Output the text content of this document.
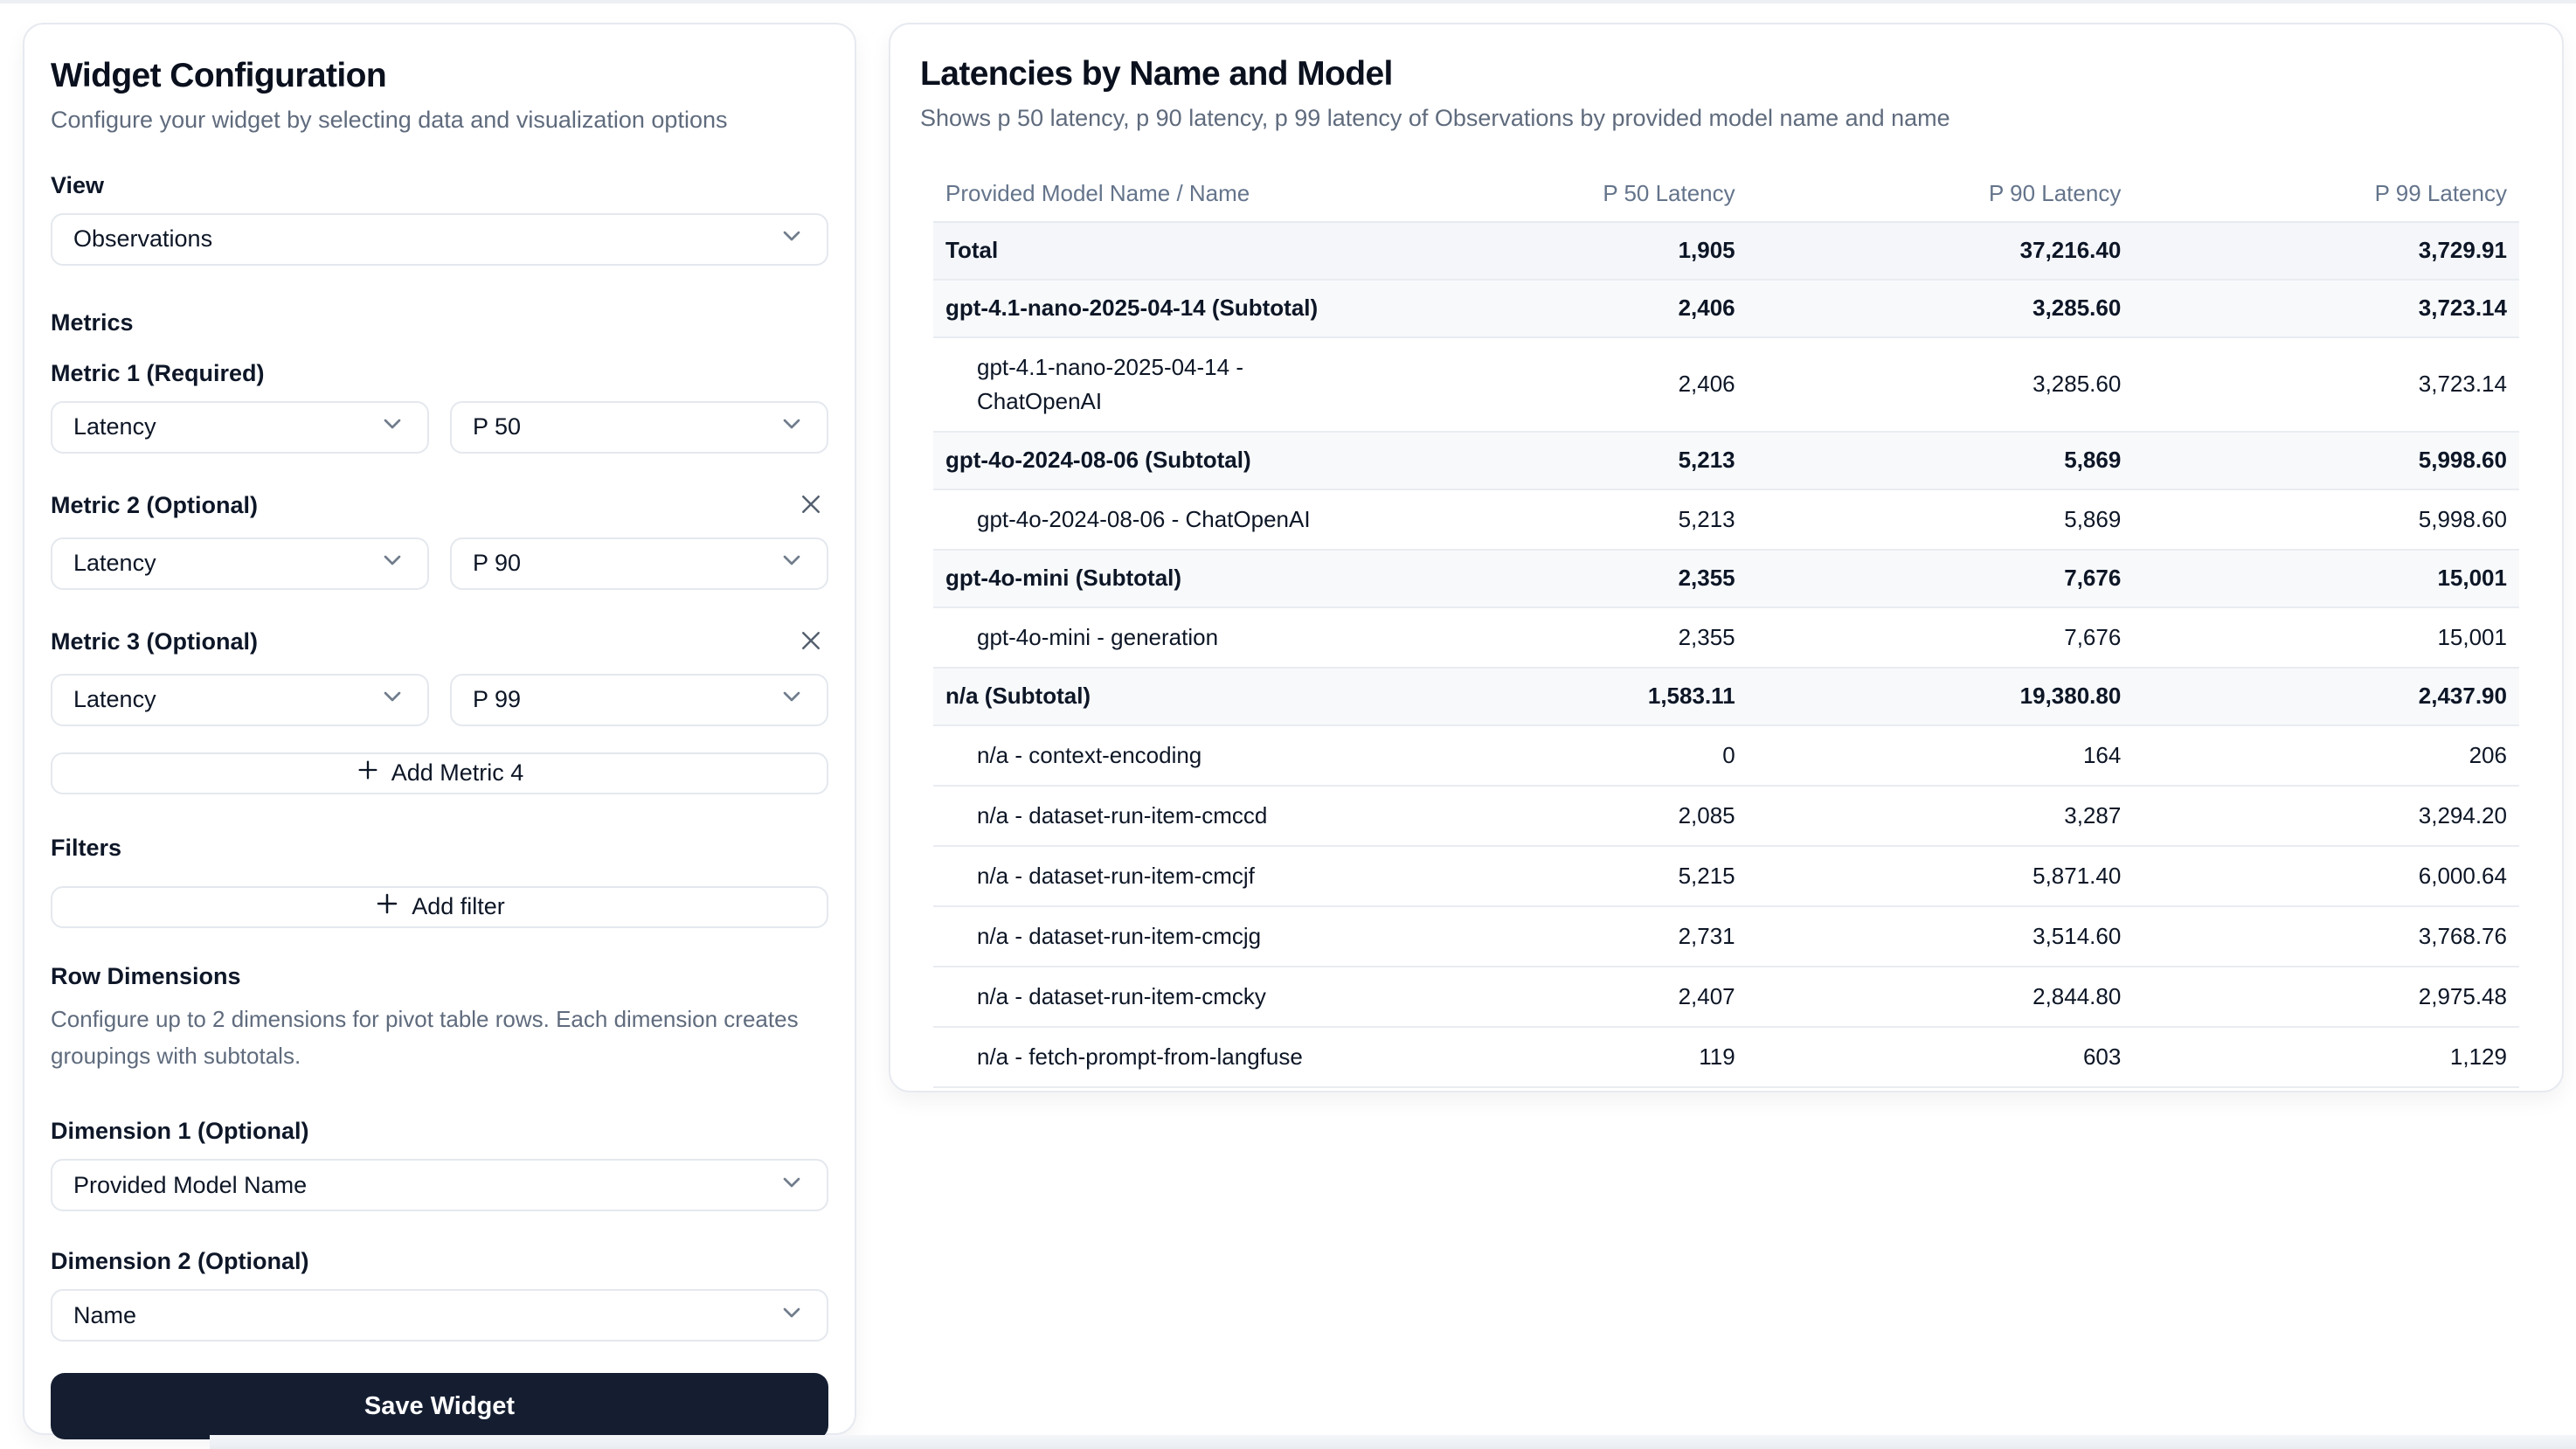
Widget Configuration

Configure your widget by selecting data and visualization options

View
Observations
Metrics
Metric 1 (Required)
Latency	P 50
Metric 2 (Optional)
Latency	P 90
Metric 3 (Optional)
Latency	P 99
Add Metric 4
Filters
Add filter
Row Dimensions

Configure up to 2 dimensions for pivot table rows. Each dimension creates groupings with subtotals.

Dimension 1 (Optional)
Provided Model Name
Dimension 2 (Optional)
Name
Save Widget
Latencies by Name and Model

Shows p 50 latency, p 90 latency, p 99 latency of Observations by provided model name and name

Provided Model Name / Name	P 50 Latency	P 90 Latency	P 99 Latency
Total	1,905	37,216.40	3,729.91
gpt-4.1-nano-2025-04-14 (Subtotal)	2,406	3,285.60	3,723.14
gpt-4.1-nano-2025-04-14 - ChatOpenAI
2,406	3,285.60	3,723.14
gpt-4o-2024-08-06 (Subtotal)	5,213	5,869	5,998.60
gpt-4o-2024-08-06 - ChatOpenAI	5,213	5,869	5,998.60
gpt-4o-mini (Subtotal)	2,355	7,676	15,001
gpt-4o-mini - generation	2,355	7,676	15,001
n/a (Subtotal)	1,583.11	19,380.80	2,437.90
n/a - context-encoding	0	164	206
n/a - dataset-run-item-cmccd	2,085	3,287	3,294.20
n/a - dataset-run-item-cmcjf	5,215	5,871.40	6,000.64
n/a - dataset-run-item-cmcjg	2,731	3,514.60	3,768.76
n/a - dataset-run-item-cmcky	2,407	2,844.80	2,975.48
n/a - fetch-prompt-from-langfuse	119	603	1,129
